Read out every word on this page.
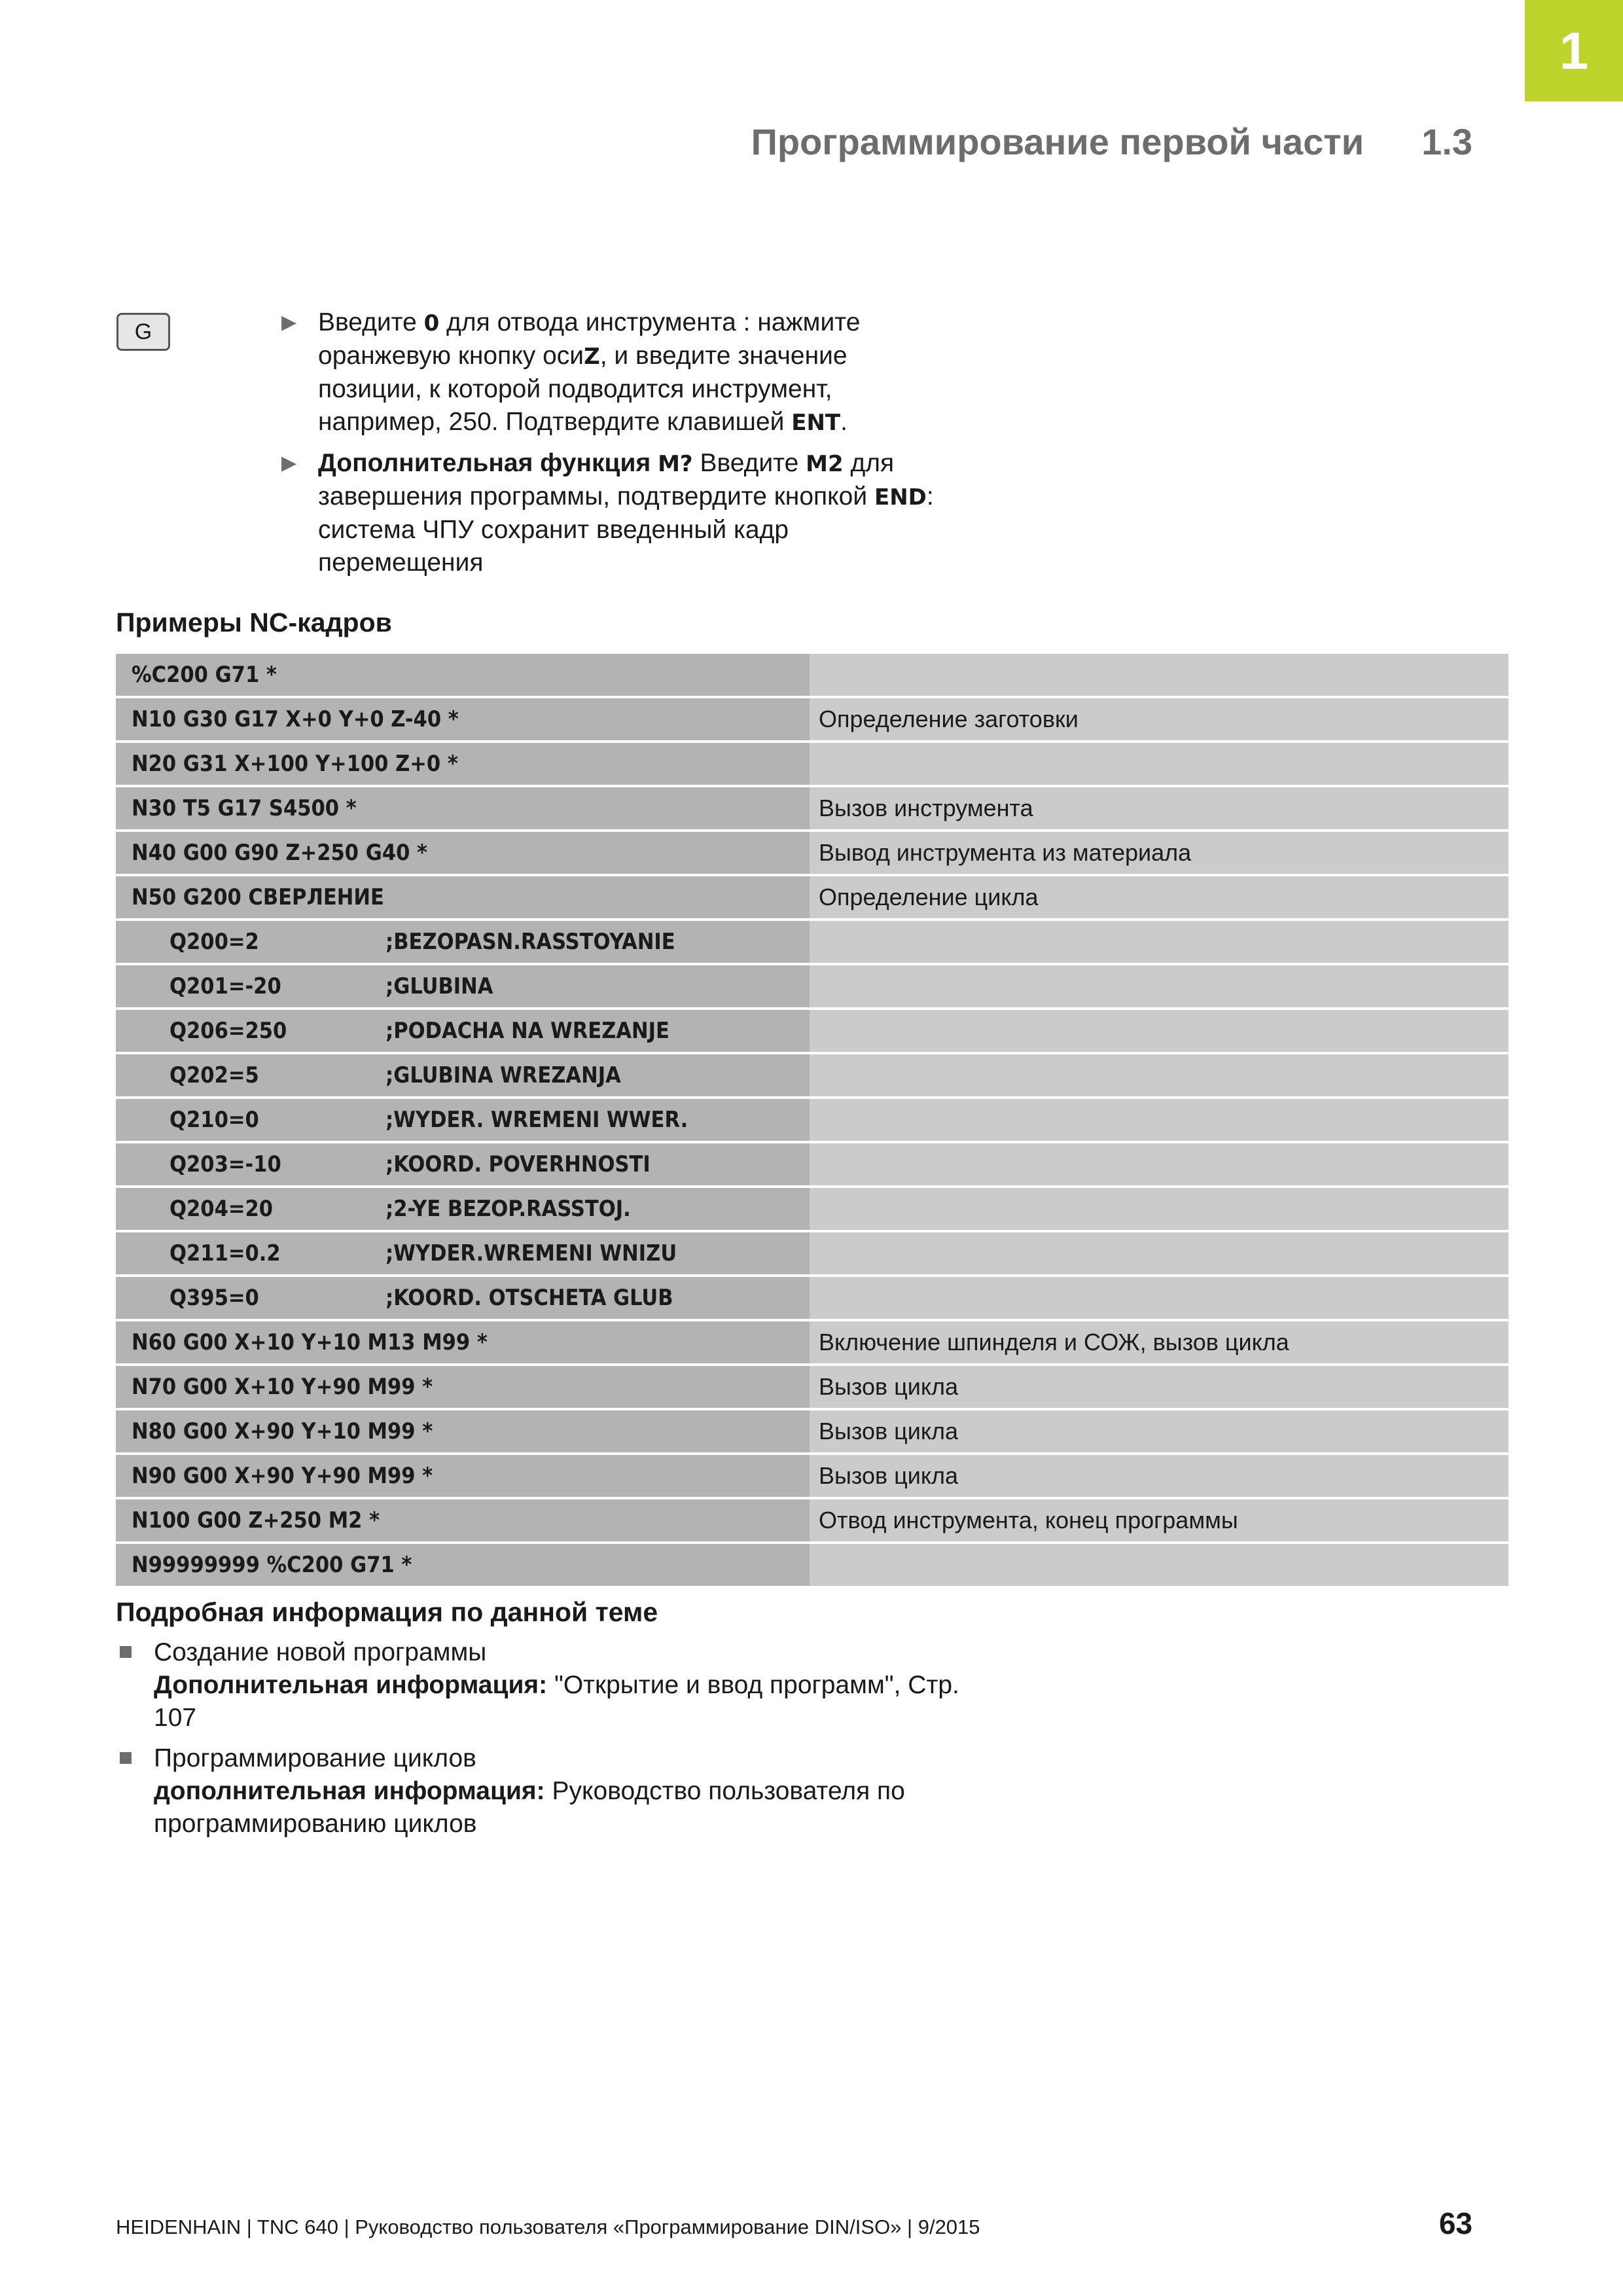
1
Программирование первой части 1.3
G	▶ Введите 0 для отвода инструмента : нажмите оранжевую кнопку осиZ, и введите значение позиции, к которой подводится инструмент, например, 250. Подтвердите клавишей ENT.
▶ Дополнительная функция M? Введите M2 для завершения программы, подтвердите кнопкой END: система ЧПУ сохранит введенный кадр перемещения
Примеры NC-кадров
%C200 G71 *	
N10 G30 G17 X+0 Y+0 Z-40 *	Определение заготовки
N20 G31 X+100 Y+100 Z+0 *	
N30 T5 G17 S4500 *	Вызов инструмента
N40 G00 G90 Z+250 G40 *	Вывод инструмента из материала
N50 G200 СВЕРЛЕНИЕ	Определение цикла
Q200=2 ;BEZOPASN.RASSTOYANIE	
Q201=-20 ;GLUBINA	
Q206=250 ;PODACHA NA WREZANJE	
Q202=5 ;GLUBINA WREZANJA	
Q210=0 ;WYDER. WREMENI WWER.	
Q203=-10 ;KOORD. POVERHNOSTI	
Q204=20 ;2-YE BEZOP.RASSTOJ.	
Q211=0.2 ;WYDER.WREMENI WNIZU	
Q395=0 ;KOORD. OTSCHETA GLUB	
N60 G00 X+10 Y+10 M13 M99 *	Включение шпинделя и СОЖ, вызов цикла
N70 G00 X+10 Y+90 M99 *	Вызов цикла
N80 G00 X+90 Y+10 M99 *	Вызов цикла
N90 G00 X+90 Y+90 M99 *	Вызов цикла
N100 G00 Z+250 M2 *	Отвод инструмента, конец программы
N99999999 %C200 G71 *	
Подробная информация по данной теме
Создание новой программы
Дополнительная информация: "Открытие и ввод программ", Стр. 107
Программирование циклов
дополнительная информация: Руководство пользователя по программированию циклов
HEIDENHAIN | TNC 640 | Руководство пользователя «Программирование DIN/ISO» | 9/2015	63
